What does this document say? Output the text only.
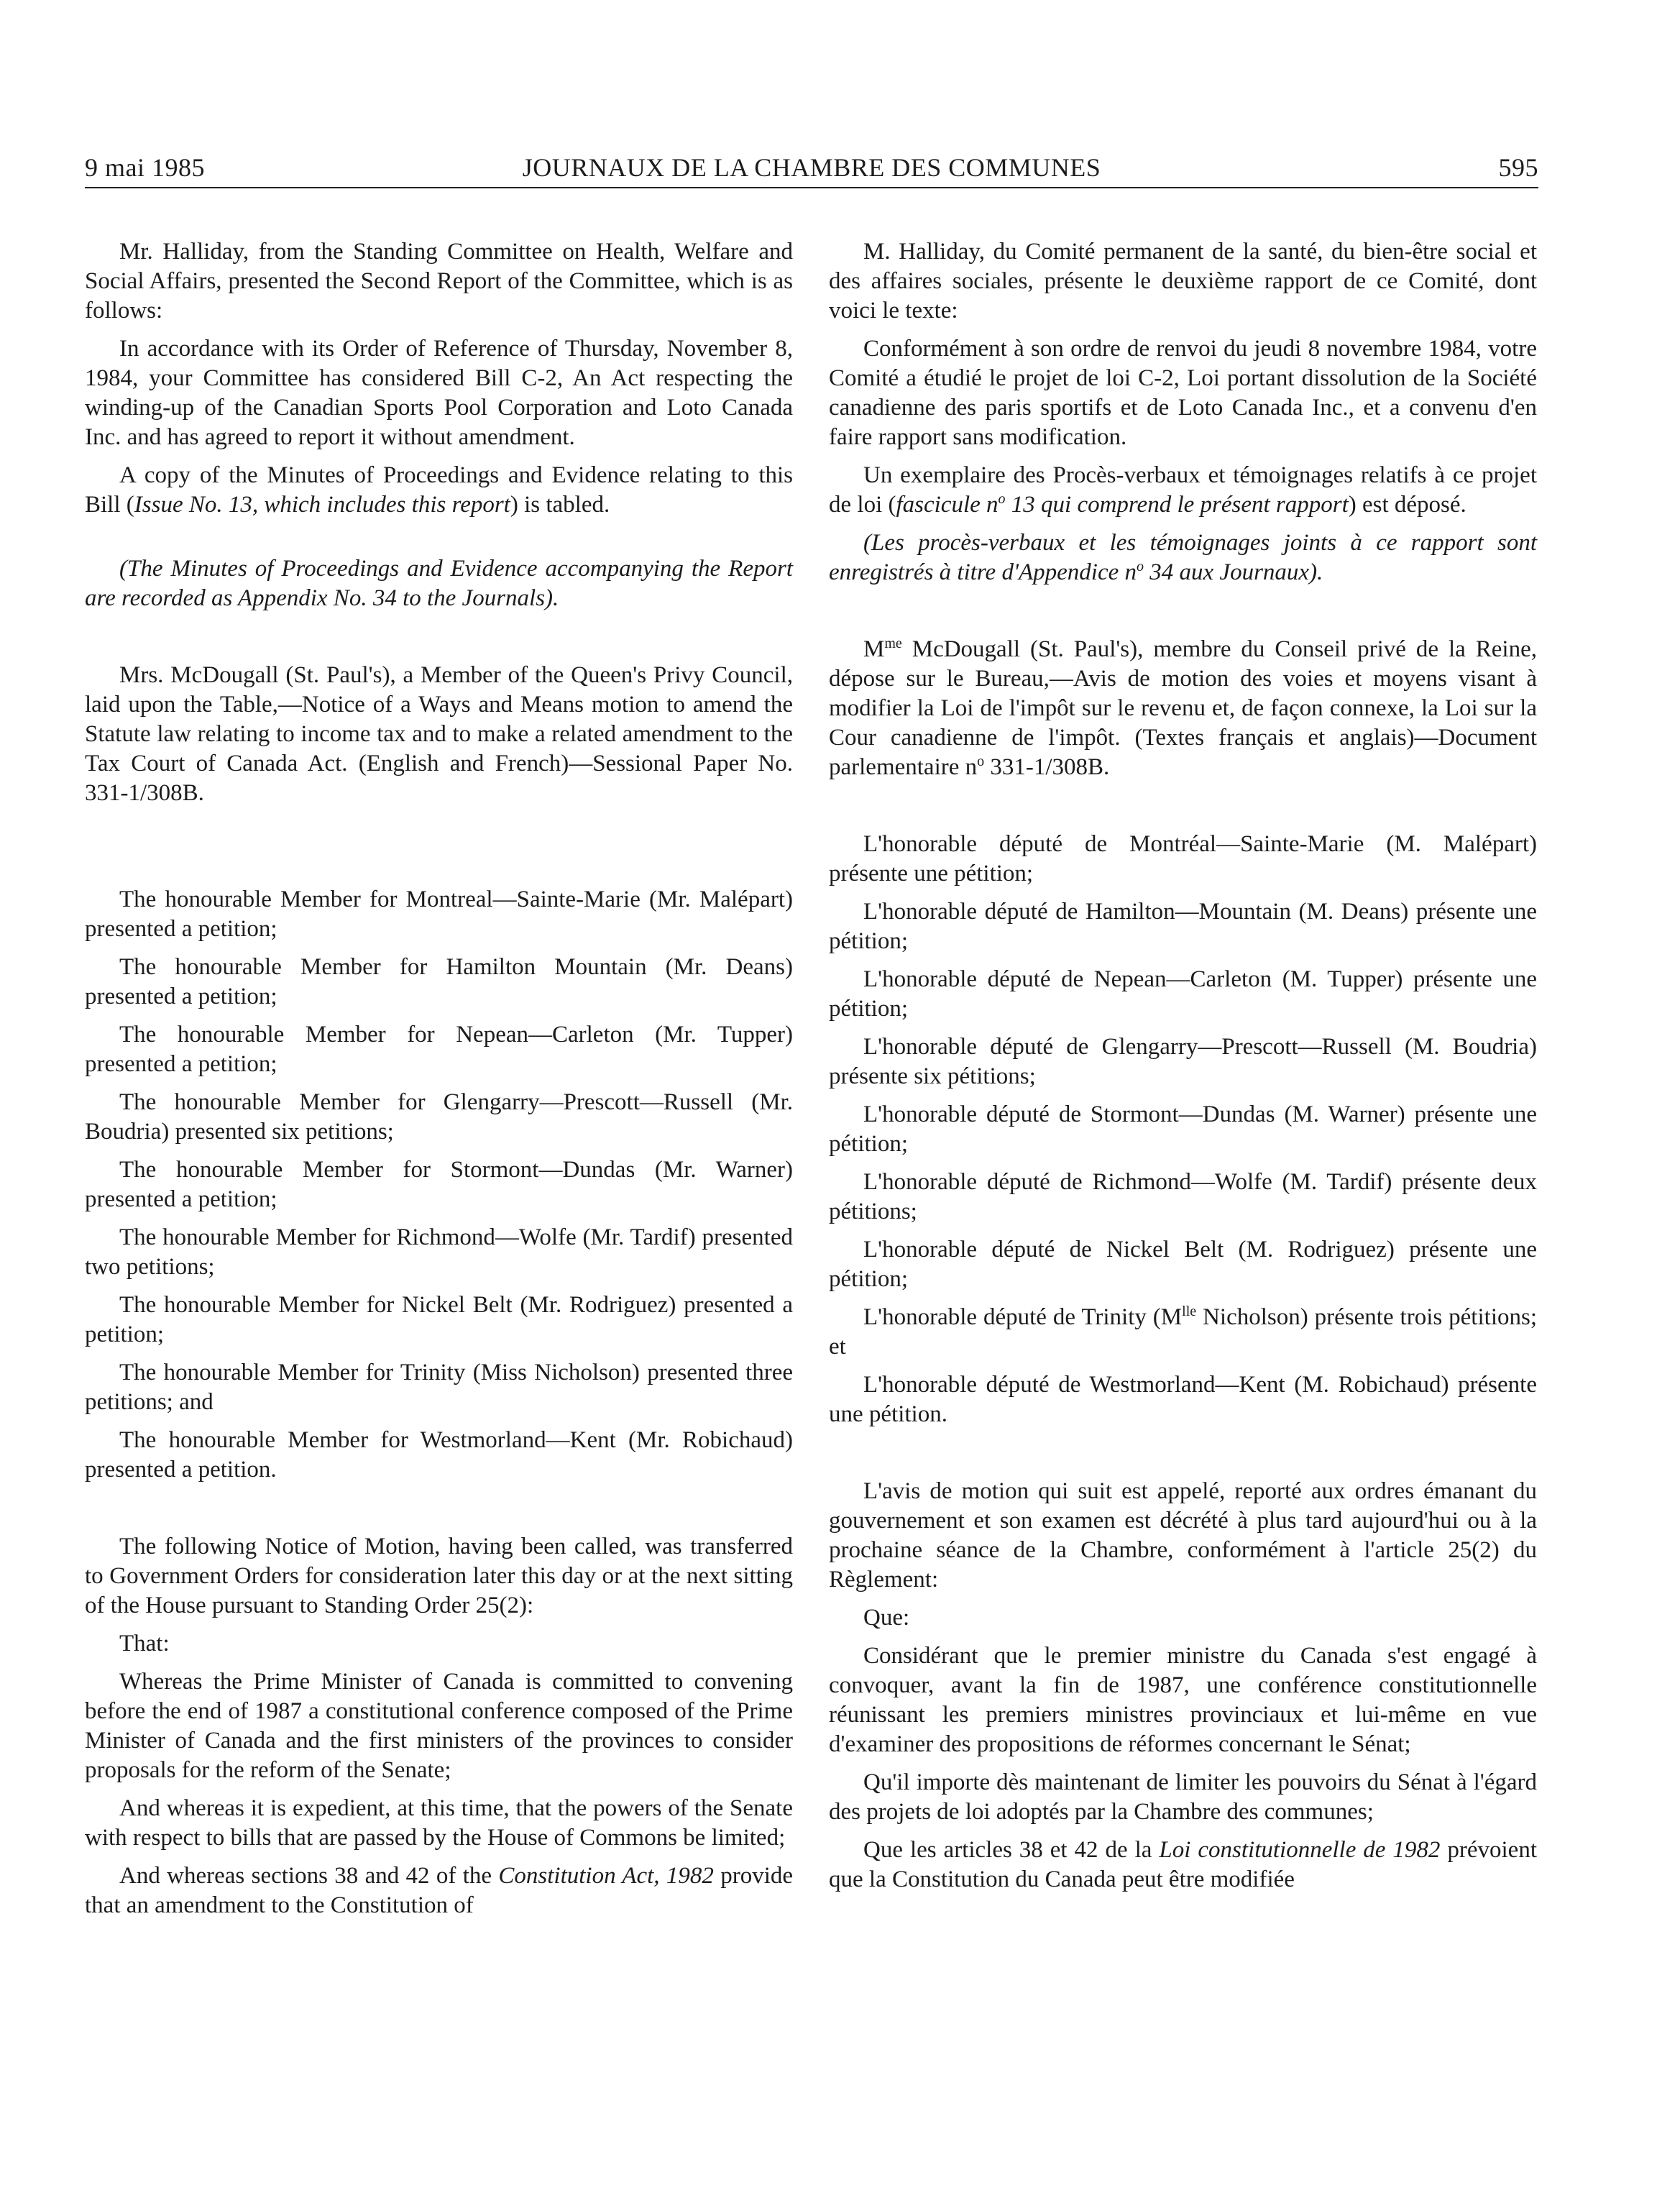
9 mai 1985	JOURNAUX DE LA CHAMBRE DES COMMUNES	595

Mr. Halliday, from the Standing Committee on Health, Welfare and Social Affairs, presented the Second Report of the Committee, which is as follows:

In accordance with its Order of Reference of Thursday, November 8, 1984, your Committee has considered Bill C-2, An Act respecting the winding-up of the Canadian Sports Pool Corporation and Loto Canada Inc. and has agreed to report it without amendment.

A copy of the Minutes of Proceedings and Evidence relating to this Bill (Issue No. 13, which includes this report) is tabled.

(The Minutes of Proceedings and Evidence accompanying the Report are recorded as Appendix No. 34 to the Journals).

Mrs. McDougall (St. Paul's), a Member of the Queen's Privy Council, laid upon the Table,—Notice of a Ways and Means motion to amend the Statute law relating to income tax and to make a related amendment to the Tax Court of Canada Act. (English and French)—Sessional Paper No. 331-1/308B.

The honourable Member for Montreal—Sainte-Marie (Mr. Malépart) presented a petition;

The honourable Member for Hamilton Mountain (Mr. Deans) presented a petition;

The honourable Member for Nepean—Carleton (Mr. Tupper) presented a petition;

The honourable Member for Glengarry—Prescott—Russell (Mr. Boudria) presented six petitions;

The honourable Member for Stormont—Dundas (Mr. Warner) presented a petition;

The honourable Member for Richmond—Wolfe (Mr. Tardif) presented two petitions;

The honourable Member for Nickel Belt (Mr. Rodriguez) presented a petition;

The honourable Member for Trinity (Miss Nicholson) presented three petitions; and

The honourable Member for Westmorland—Kent (Mr. Robichaud) presented a petition.

The following Notice of Motion, having been called, was transferred to Government Orders for consideration later this day or at the next sitting of the House pursuant to Standing Order 25(2):

That:

Whereas the Prime Minister of Canada is committed to convening before the end of 1987 a constitutional conference composed of the Prime Minister of Canada and the first ministers of the provinces to consider proposals for the reform of the Senate;

And whereas it is expedient, at this time, that the powers of the Senate with respect to bills that are passed by the House of Commons be limited;

And whereas sections 38 and 42 of the Constitution Act, 1982 provide that an amendment to the Constitution of

M. Halliday, du Comité permanent de la santé, du bien-être social et des affaires sociales, présente le deuxième rapport de ce Comité, dont voici le texte:

Conformément à son ordre de renvoi du jeudi 8 novembre 1984, votre Comité a étudié le projet de loi C-2, Loi portant dissolution de la Société canadienne des paris sportifs et de Loto Canada Inc., et a convenu d'en faire rapport sans modification.

Un exemplaire des Procès-verbaux et témoignages relatifs à ce projet de loi (fascicule $n^o$ 13 qui comprend le présent rapport) est déposé.

(Les procès-verbaux et les témoignages joints à ce rapport sont enregistrés à titre d'Appendice $n^o$ 34 aux Journaux).

$M^{me}$ McDougall (St. Paul's), membre du Conseil privé de la Reine, dépose sur le Bureau,—Avis de motion des voies et moyens visant à modifier la Loi de l'impôt sur le revenu et, de façon connexe, la Loi sur la Cour canadienne de l'impôt. (Textes français et anglais)—Document parlementaire $n^o$ 331-1/308B.

L'honorable député de Montréal—Sainte-Marie (M. Malépart) présente une pétition;

L'honorable député de Hamilton—Mountain (M. Deans) présente une pétition;

L'honorable député de Nepean—Carleton (M. Tupper) présente une pétition;

L'honorable député de Glengarry—Prescott—Russell (M. Boudria) présente six pétitions;

L'honorable député de Stormont—Dundas (M. Warner) présente une pétition;

L'honorable député de Richmond—Wolfe (M. Tardif) présente deux pétitions;

L'honorable député de Nickel Belt (M. Rodriguez) présente une pétition;

L'honorable député de Trinity ($M^{lle}$ Nicholson) présente trois pétitions; et

L'honorable député de Westmorland—Kent (M. Robichaud) présente une pétition.

L'avis de motion qui suit est appelé, reporté aux ordres émanant du gouvernement et son examen est décrété à plus tard aujourd'hui ou à la prochaine séance de la Chambre, conformément à l'article 25(2) du Règlement:

Que:

Considérant que le premier ministre du Canada s'est engagé à convoquer, avant la fin de 1987, une conférence constitutionnelle réunissant les premiers ministres provinciaux et lui-même en vue d'examiner des propositions de réformes concernant le Sénat;

Qu'il importe dès maintenant de limiter les pouvoirs du Sénat à l'égard des projets de loi adoptés par la Chambre des communes;

Que les articles 38 et 42 de la Loi constitutionnelle de 1982 prévoient que la Constitution du Canada peut être modifiée
